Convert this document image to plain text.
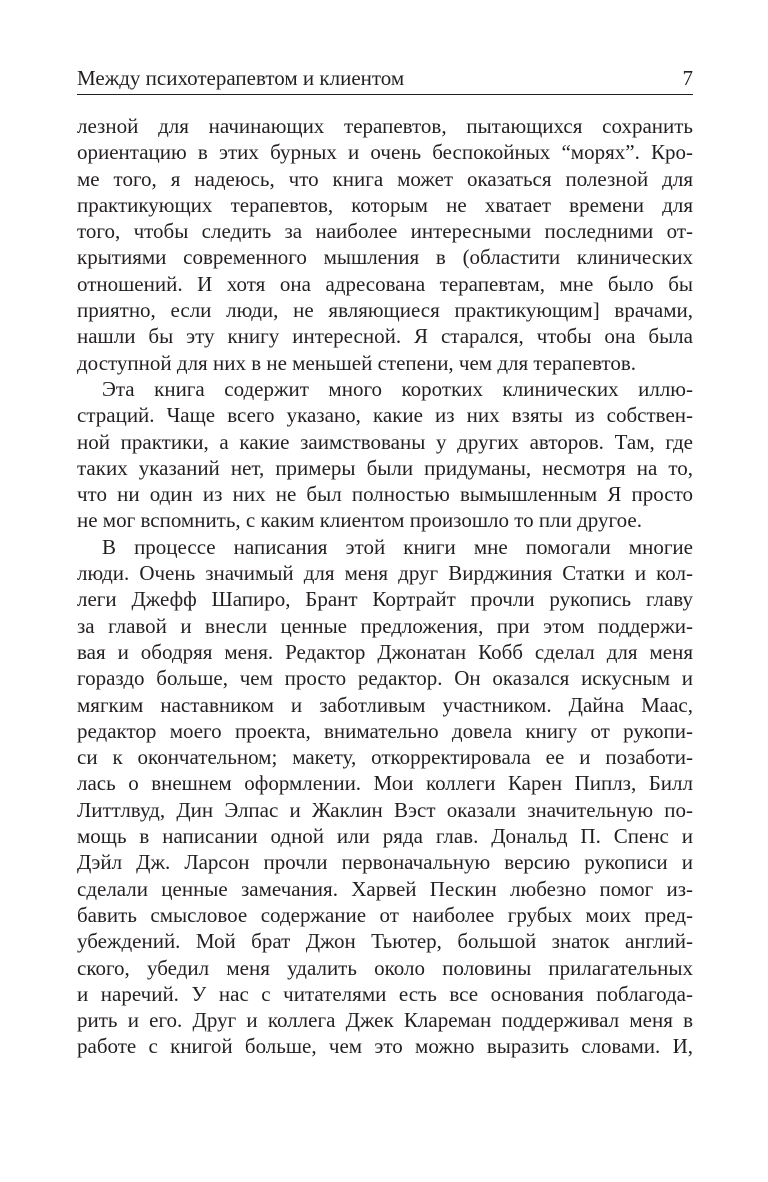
Между психотерапевтом и клиентом	7
лезной для начинающих терапевтов, пытающихся сохранить
ориентацию в этих бурных и очень беспокойных “морях”. Кро-
ме того, я надеюсь, что книга может оказаться полезной для
практикующих терапевтов, которым не хватает времени для
того, чтобы следить за наиболее интересными последними от-
крытиями современного мышления в (областити клинических
отношений. И хотя она адресована терапевтам, мне было бы
приятно, если люди, не являющиеся практикующим] врачами,
нашли бы эту книгу интересной. Я старался, чтобы она была
доступной для них в не меньшей степени, чем для терапевтов.
Эта книга содержит много коротких клинических иллю-
страций. Чаще всего указано, какие из них взяты из собствен-
ной практики, а какие заимствованы у других авторов. Там, где
таких указаний нет, примеры были придуманы, несмотря на то,
что ни один из них не был полностью вымышленным Я просто
не мог вспомнить, с каким клиентом произошло то пли другое.
В процессе написания этой книги мне помогали многие
люди. Очень значимый для меня друг Вирджиния Статки и кол-
леги Джефф Шапиро, Брант Кортрайт прочли рукопись главу
за главой и внесли ценные предложения, при этом поддержи-
вая и ободряя меня. Редактор Джонатан Кобб сделал для меня
гораздо больше, чем просто редактор. Он оказался искусным и
мягким наставником и заботливым участником. Дайна Маас,
редактор моего проекта, внимательно довела книгу от рукопи-
си к окончательном; макету, откорректировала ее и позаботи-
лась о внешнем оформлении. Мои коллеги Карен Пиплз, Билл
Литтлвуд, Дин Элпас и Жаклин Вэст оказали значительную по-
мощь в написании одной или ряда глав. Дональд П. Спенс и
Дэйл Дж. Ларсон прочли первоначальную версию рукописи и
сделали ценные замечания. Харвей Пескин любезно помог из-
бавить смысловое содержание от наиболее грубых моих пред-
убеждений. Мой брат Джон Тьютер, большой знаток англий-
ского, убедил меня удалить около половины прилагательных
и наречий. У нас с читателями есть все основания поблагода-
рить и его. Друг и коллега Джек Клареман поддерживал меня в
работе с книгой больше, чем это можно выразить словами. И,
